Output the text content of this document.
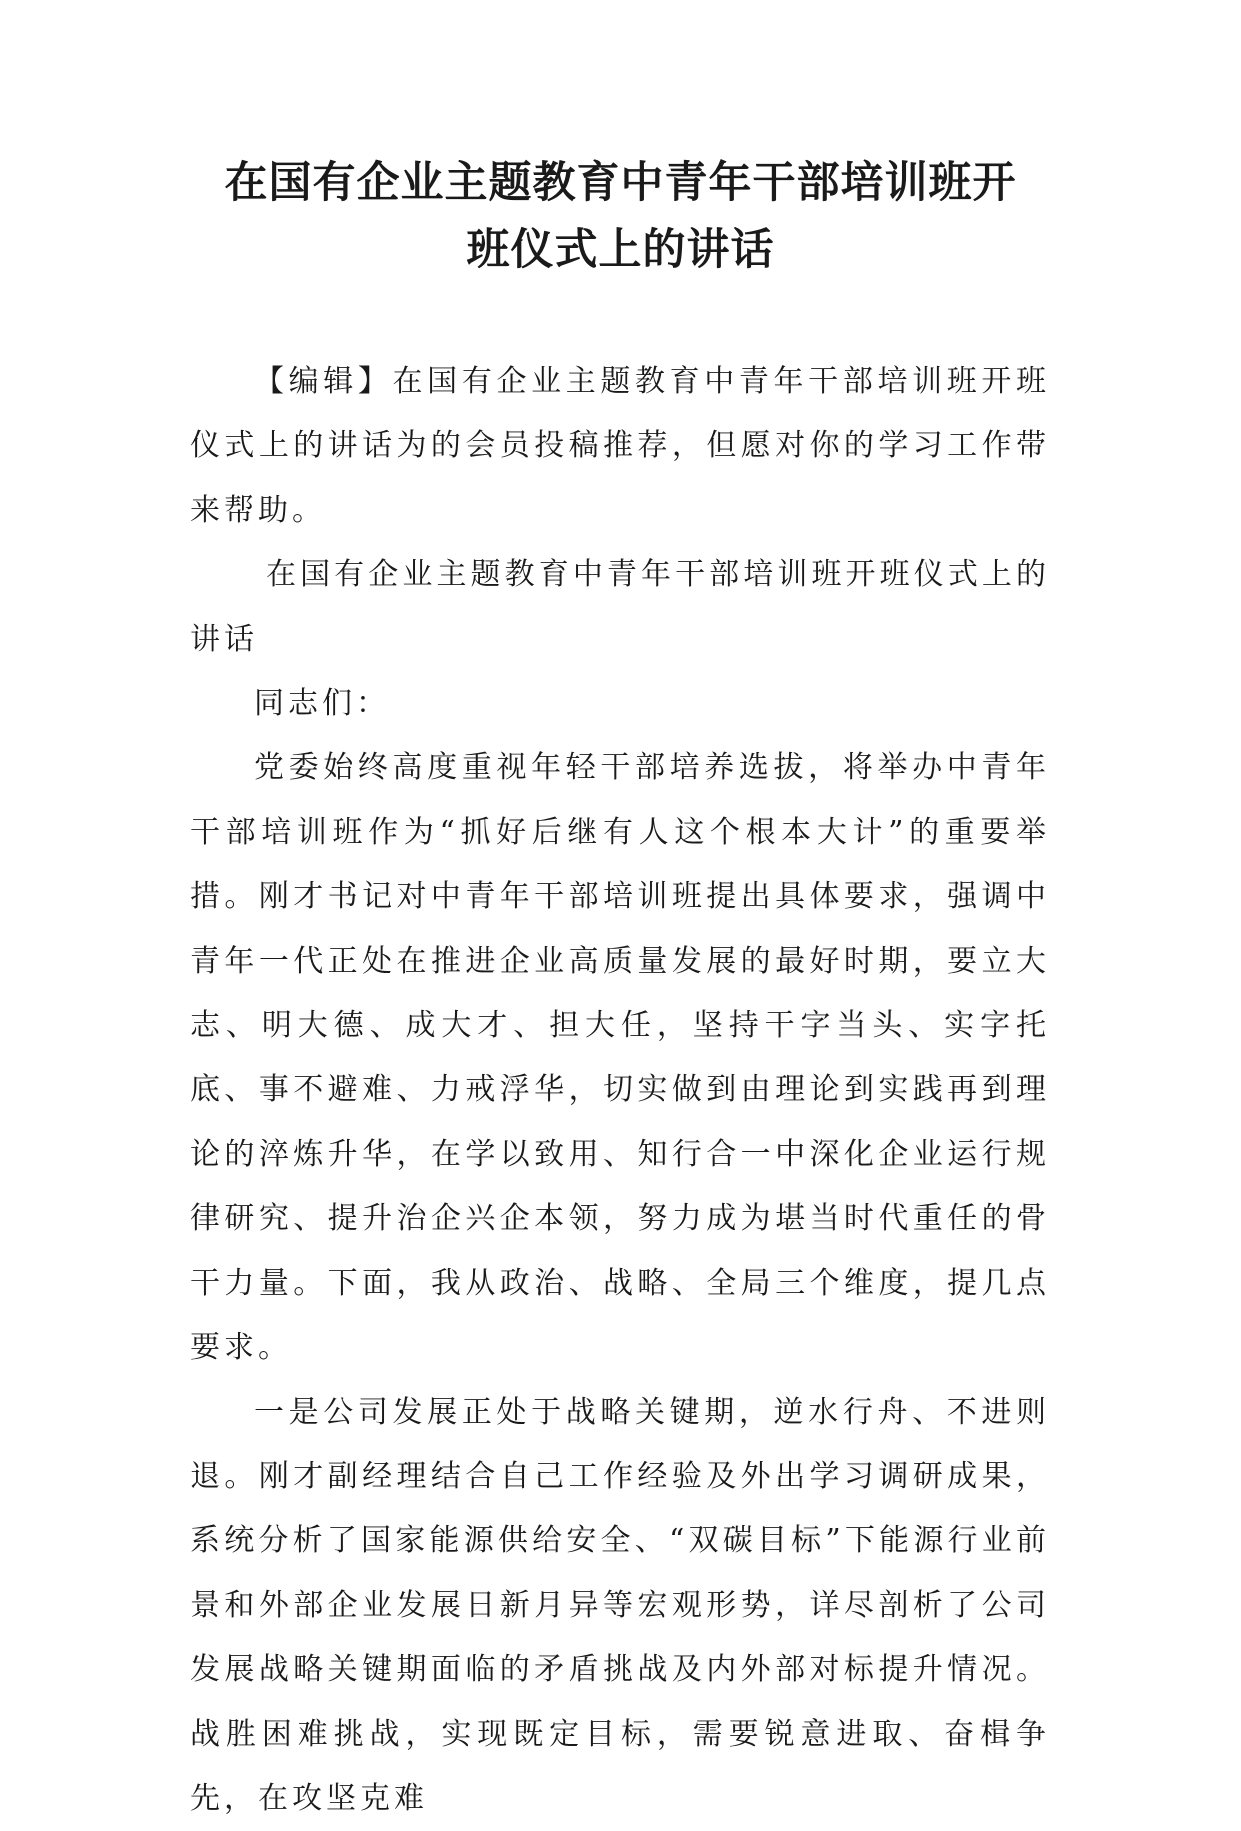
在国有企业主题教育中青年干部培训班开
班仪式上的讲话

【编辑】在国有企业主题教育中青年干部培训班开班仪式上的讲话为的会员投稿推荐，但愿对你的学习工作带来帮助。

在国有企业主题教育中青年干部培训班开班仪式上的讲话

同志们：

党委始终高度重视年轻干部培养选拔，将举办中青年干部培训班作为“抓好后继有人这个根本大计”的重要举措。刚才书记对中青年干部培训班提出具体要求，强调中青年一代正处在推进企业高质量发展的最好时期，要立大志、明大德、成大才、担大任，坚持干字当头、实字托底、事不避难、力戒浮华，切实做到由理论到实践再到理论的淬炼升华，在学以致用、知行合一中深化企业运行规律研究、提升治企兴企本领，努力成为堪当时代重任的骨干力量。下面，我从政治、战略、全局三个维度，提几点要求。

一是公司发展正处于战略关键期，逆水行舟、不进则退。刚才副经理结合自己工作经验及外出学习调研成果，系统分析了国家能源供给安全、“双碳目标”下能源行业前景和外部企业发展日新月异等宏观形势，详尽剖析了公司发展战略关键期面临的矛盾挑战及内外部对标提升情况。战胜困难挑战，实现既定目标，需要锐意进取、奋楫争先，在攻坚克难
